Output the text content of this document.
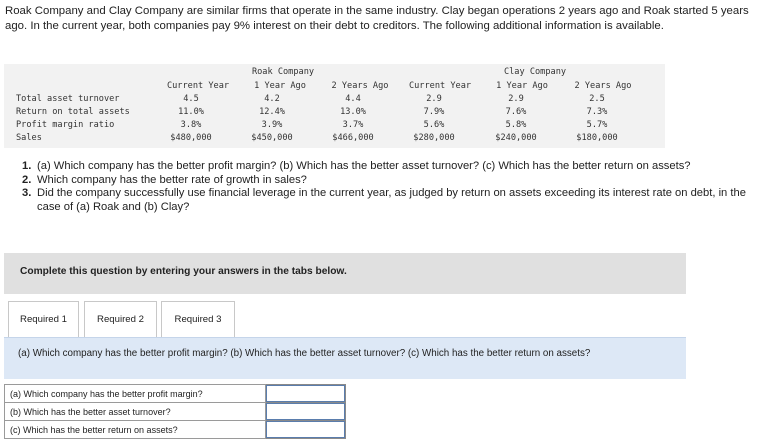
Roak Company and Clay Company are similar firms that operate in the same industry. Clay began operations 2 years ago and Roak started 5 years ago. In the current year, both companies pay 9% interest on their debt to creditors. The following additional information is available.
Roak Company	Clay Company
Current Year	1 Year Ago	2 Years Ago Current Year	1 Year Ago	2 Years Ago
Total asset turnover	4.5	4.2	4.4	2.9	2.9	2.5
Return on total assets	11.0%	12.4%	13.0%	7.9%	7.6%	7.3%
Profit margin ratio	3.8%	3.9%	3.7%	5.6%	5.8%	5.7%
Sales	$480,000	$450,000	$466,000	$280,000	$240,000	$180,000
1. (a) Which company has the better profit margin? (b) Which has the better asset turnover? (c) Which has the better return on assets?
2. Which company has the better rate of growth in sales?
3. Did the company successfully use financial leverage in the current year, as judged by return on assets exceeding its interest rate on debt, in the case of (a) Roak and (b) Clay?
Complete this question by entering your answers in the tabs below.
Required 1	Required 2	Required 3
(a) Which company has the better profit margin? (b) Which has the better asset turnover? (c) Which has the better return on assets?
(a) Which company has the better profit margin?	

(b) Which has the better asset turnover?	

(c) Which has the better return on assets?	
